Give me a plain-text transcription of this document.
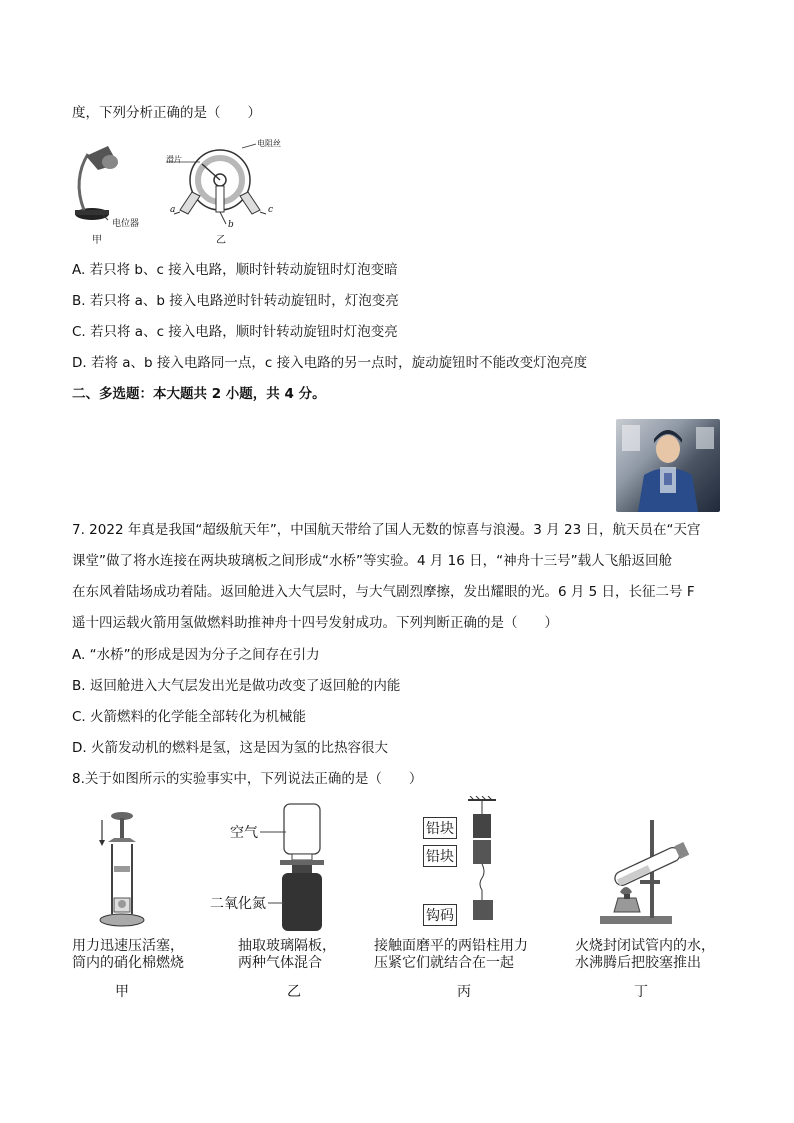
度，下列分析正确的是（　　）
电位器
甲
滑片
电阻丝
a
b
c
乙
A. 若只将 b、c 接入电路，顺时针转动旋钮时灯泡变暗
B. 若只将 a、b 接入电路逆时针转动旋钮时，灯泡变亮
C. 若只将 a、c 接入电路，顺时针转动旋钮时灯泡变亮
D. 若将 a、b 接入电路同一点，c 接入电路的另一点时，旋动旋钮时不能改变灯泡亮度
二、多选题：本大题共 2 小题，共 4 分。
7. 2022 年真是我国“超级航天年”，中国航天带给了国人无数的惊喜与浪漫。3 月 23 日，航天员在“天宫
课堂”做了将水连接在两块玻璃板之间形成“水桥”等实验。4 月 16 日，“神舟十三号”载人飞船返回舱
在东风着陆场成功着陆。返回舱进入大气层时，与大气剧烈摩擦，发出耀眼的光。6 月 5 日，长征二号 F
遥十四运载火箭用氢做燃料助推神舟十四号发射成功。下列判断正确的是（　　）
A. “水桥”的形成是因为分子之间存在引力
B. 返回舱进入大气层发出光是做功改变了返回舱的内能
C. 火箭燃料的化学能全部转化为机械能
D. 火箭发动机的燃料是氢，这是因为氢的比热容很大
8.关于如图所示的实验事实中，下列说法正确的是（　　）
用力迅速压活塞，
筒内的硝化棉燃烧
甲
空气
二氧化氮
抽取玻璃隔板，
两种气体混合
乙
铅块
铅块
钩码
接触面磨平的两铅柱用力
压紧它们就结合在一起
丙
火烧封闭试管内的水，
水沸腾后把胶塞推出
丁
